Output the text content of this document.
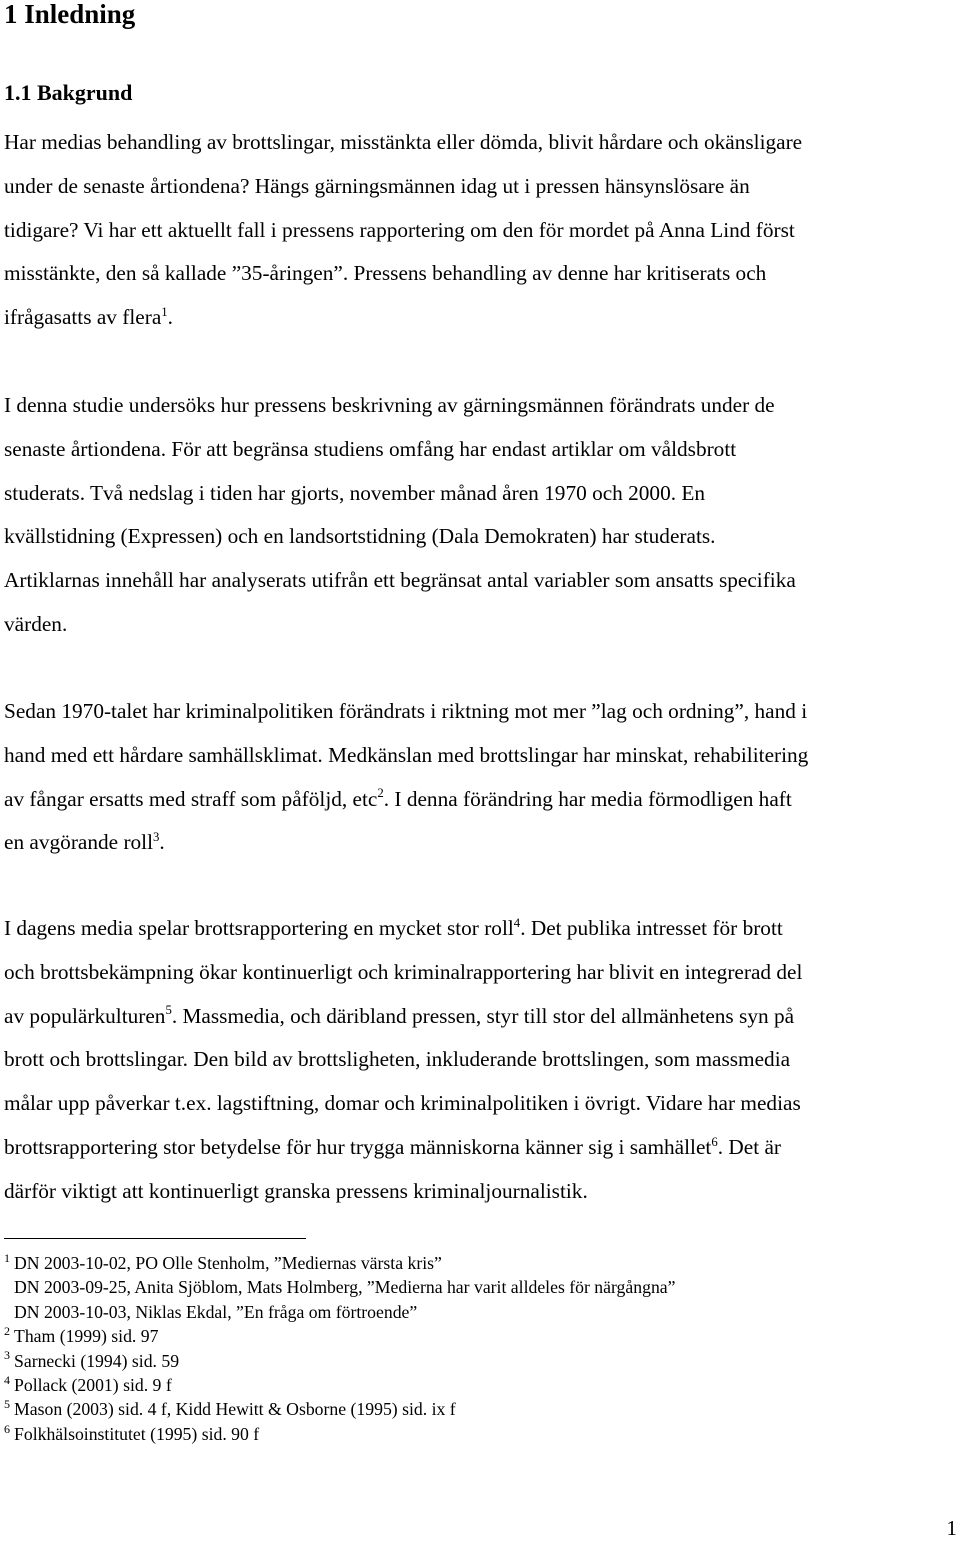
1 Inledning
1.1 Bakgrund
Har medias behandling av brottslingar, misstänkta eller dömda, blivit hårdare och okänsligare
under de senaste årtiondena? Hängs gärningsmännen idag ut i pressen hänsynslösare än
tidigare? Vi har ett aktuellt fall i pressens rapportering om den för mordet på Anna Lind först
misstänkte, den så kallade ”35-åringen”. Pressens behandling av denne har kritiserats och
ifrågasatts av flera$^1$.
I denna studie undersöks hur pressens beskrivning av gärningsmännen förändrats under de
senaste årtiondena. För att begränsa studiens omfång har endast artiklar om våldsbrott
studerats. Två nedslag i tiden har gjorts, november månad åren 1970 och 2000. En
kvällstidning (Expressen) och en landsortstidning (Dala Demokraten) har studerats.
Artiklarnas innehåll har analyserats utifrån ett begränsat antal variabler som ansatts specifika
värden.
Sedan 1970-talet har kriminalpolitiken förändrats i riktning mot mer ”lag och ordning”, hand i
hand med ett hårdare samhällsklimat. Medkänslan med brottslingar har minskat, rehabilitering
av fångar ersatts med straff som påföljd, etc$^2$. I denna förändring har media förmodligen haft
en avgörande roll$^3$.
I dagens media spelar brottsrapportering en mycket stor roll$^4$. Det publika intresset för brott
och brottsbekämpning ökar kontinuerligt och kriminalrapportering har blivit en integrerad del
av populärkulturen$^5$. Massmedia, och däribland pressen, styr till stor del allmänhetens syn på
brott och brottslingar. Den bild av brottsligheten, inkluderande brottslingen, som massmedia
målar upp påverkar t.ex. lagstiftning, domar och kriminalpolitiken i övrigt. Vidare har medias
brottsrapportering stor betydelse för hur trygga människorna känner sig i samhället$^6$. Det är
därför viktigt att kontinuerligt granska pressens kriminaljournalistik.
$^1$ DN 2003-10-02, PO Olle Stenholm, ”Mediernas värsta kris”
DN 2003-09-25, Anita Sjöblom, Mats Holmberg, ”Medierna har varit alldeles för närgångna”
DN 2003-10-03, Niklas Ekdal, ”En fråga om förtroende”
$^2$ Tham (1999) sid. 97
$^3$ Sarnecki (1994) sid. 59
$^4$ Pollack (2001) sid. 9 f
$^5$ Mason (2003) sid. 4 f, Kidd Hewitt & Osborne (1995) sid. ix f
$^6$ Folkhälsoinstitutet (1995) sid. 90 f
1
